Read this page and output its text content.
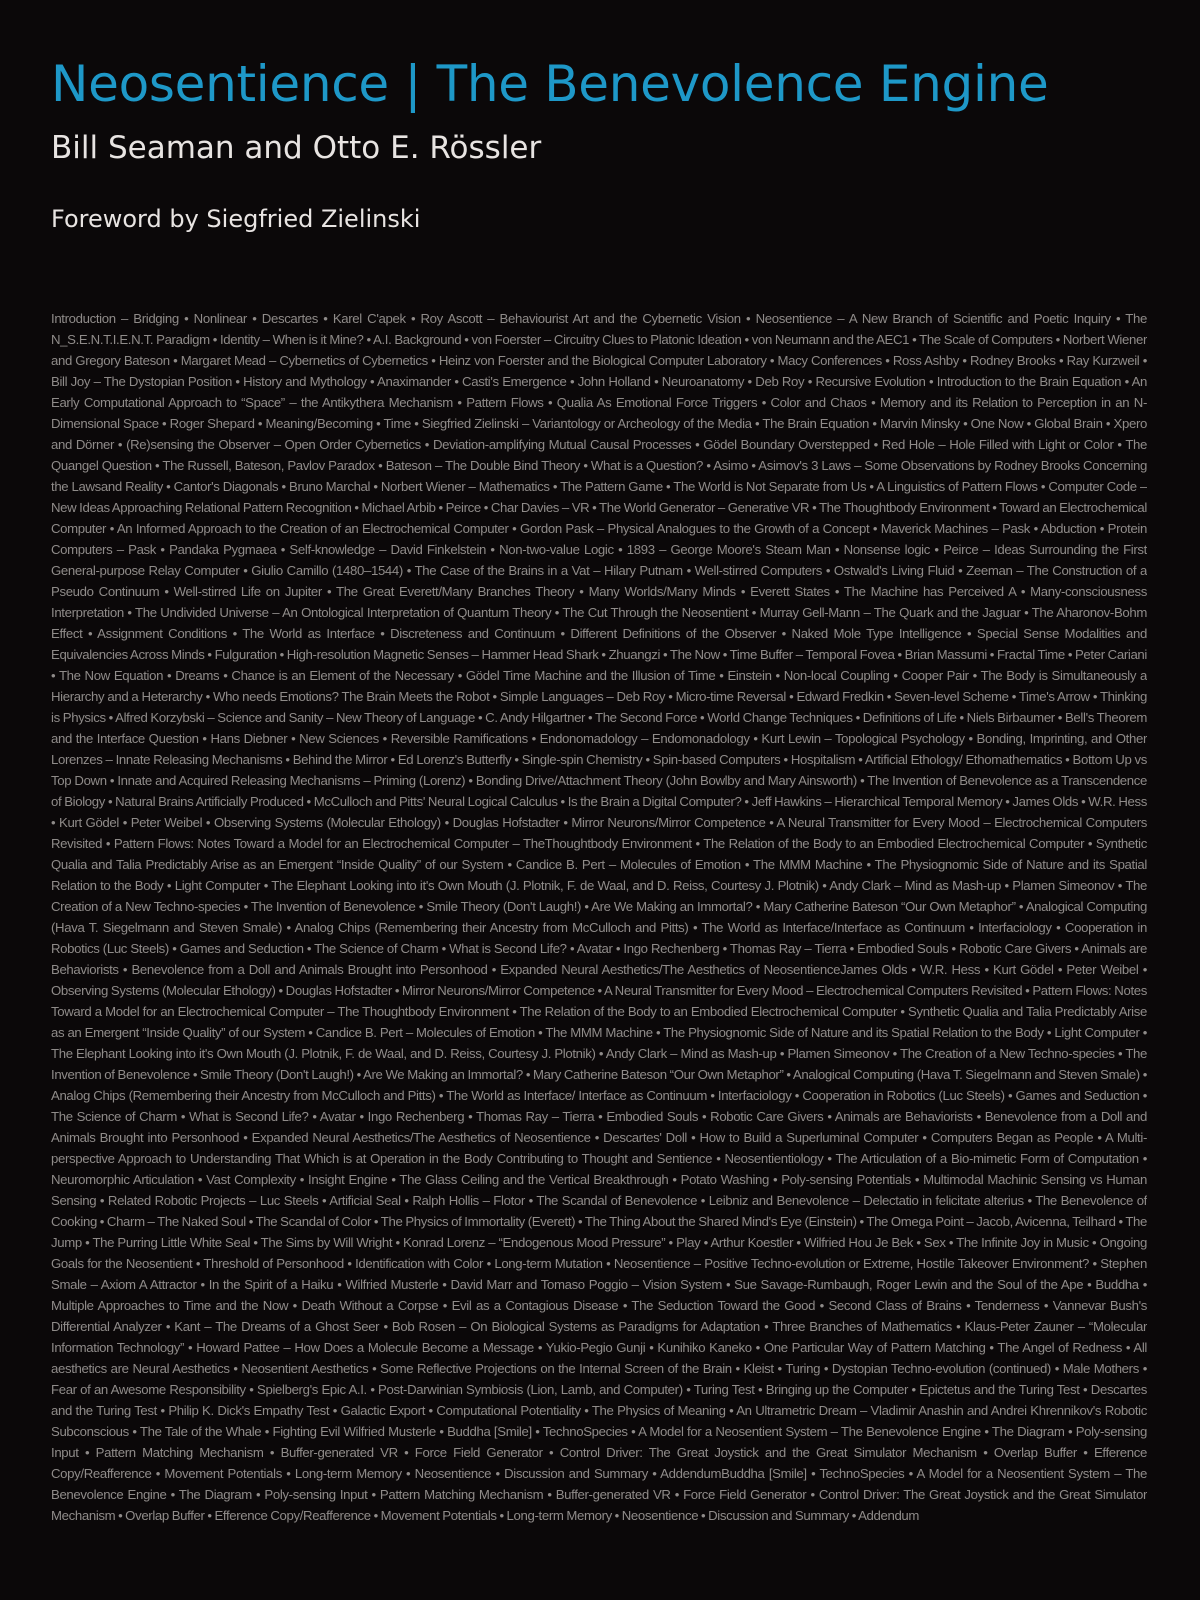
Neosentience | The Benevolence Engine
Bill Seaman and Otto E. Rössler
Foreword by Siegfried Zielinski

Introduction – Bridging • Nonlinear • Descartes • Karel C'apek • Roy Ascott – Behaviourist Art and the Cybernetic Vision • Neosentience – A New Branch of Scientific and Poetic Inquiry • The N_S.E.N.T.I.E.N.T. Paradigm • Identity – When is it Mine? • A.I. Background • von Foerster – Circuitry Clues to Platonic Ideation • von Neumann and the AEC1 • The Scale of Computers • Norbert Wiener and Gregory Bateson • Margaret Mead – Cybernetics of Cybernetics • Heinz von Foerster and the Biological Computer Laboratory • Macy Conferences • Ross Ashby • Rodney Brooks • Ray Kurzweil • Bill Joy – The Dystopian Position • History and Mythology • Anaximander • Casti's Emergence • John Holland • Neuroanatomy • Deb Roy • Recursive Evolution • Introduction to the Brain Equation • An Early Computational Approach to “Space” – the Antikythera Mechanism • Pattern Flows • Qualia As Emotional Force Triggers • Color and Chaos • Memory and its Relation to Perception in an N-Dimensional Space • Roger Shepard • Meaning/Becoming • Time • Siegfried Zielinski – Variantology or Archeology of the Media • The Brain Equation • Marvin Minsky • One Now • Global Brain • Xpero and Dörner • (Re)sensing the Observer – Open Order Cybernetics • Deviation-amplifying Mutual Causal Processes • Gödel Boundary Overstepped • Red Hole – Hole Filled with Light or Color • The Quangel Question • The Russell, Bateson, Pavlov Paradox • Bateson – The Double Bind Theory • What is a Question? • Asimo • Asimov's 3 Laws – Some Observations by Rodney Brooks Concerning the Lawsand Reality • Cantor's Diagonals • Bruno Marchal • Norbert Wiener – Mathematics • The Pattern Game • The World is Not Separate from Us • A Linguistics of Pattern Flows • Computer Code – New Ideas Approaching Relational Pattern Recognition • Michael Arbib • Peirce • Char Davies – VR • The World Generator – Generative VR • The Thoughtbody Environment • Toward an Electrochemical Computer • An Informed Approach to the Creation of an Electrochemical Computer • Gordon Pask – Physical Analogues to the Growth of a Concept • Maverick Machines – Pask • Abduction • Protein Computers – Pask • Pandaka Pygmaea • Self-knowledge – David Finkelstein • Non-two-value Logic • 1893 – George Moore's Steam Man • Nonsense logic • Peirce – Ideas Surrounding the First General-purpose Relay Computer • Giulio Camillo (1480–1544) • The Case of the Brains in a Vat – Hilary Putnam • Well-stirred Computers • Ostwald's Living Fluid • Zeeman – The Construction of a Pseudo Continuum • Well-stirred Life on Jupiter • The Great Everett/Many Branches Theory • Many Worlds/Many Minds • Everett States • The Machine has Perceived A • Many-consciousness Interpretation • The Undivided Universe – An Ontological Interpretation of Quantum Theory • The Cut Through the Neosentient • Murray Gell-Mann – The Quark and the Jaguar • The Aharonov-Bohm Effect • Assignment Conditions • The World as Interface • Discreteness and Continuum • Different Definitions of the Observer • Naked Mole Type Intelligence • Special Sense Modalities and Equivalencies Across Minds • Fulguration • High-resolution Magnetic Senses – Hammer Head Shark • Zhuangzi • The Now • Time Buffer – Temporal Fovea • Brian Massumi • Fractal Time • Peter Cariani • The Now Equation • Dreams • Chance is an Element of the Necessary • Gödel Time Machine and the Illusion of Time • Einstein • Non-local Coupling • Cooper Pair • The Body is Simultaneously a Hierarchy and a Heterarchy • Who needs Emotions? The Brain Meets the Robot • Simple Languages – Deb Roy • Micro-time Reversal • Edward Fredkin • Seven-level Scheme • Time's Arrow • Thinking is Physics • Alfred Korzybski – Science and Sanity – New Theory of Language • C. Andy Hilgartner • The Second Force • World Change Techniques • Definitions of Life • Niels Birbaumer • Bell's Theorem and the Interface Question • Hans Diebner • New Sciences • Reversible Ramifications • Endonomadology – Endomonadology • Kurt Lewin – Topological Psychology • Bonding, Imprinting, and Other Lorenzes – Innate Releasing Mechanisms • Behind the Mirror • Ed Lorenz's Butterfly • Single-spin Chemistry • Spin-based Computers • Hospitalism • Artificial Ethology/ Ethomathematics • Bottom Up vs Top Down • Innate and Acquired Releasing Mechanisms – Priming (Lorenz) • Bonding Drive/Attachment Theory (John Bowlby and Mary Ainsworth) • The Invention of Benevolence as a Transcendence of Biology • Natural Brains Artificially Produced • McCulloch and Pitts' Neural Logical Calculus • Is the Brain a Digital Computer? • Jeff Hawkins – Hierarchical Temporal Memory • James Olds • W.R. Hess • Kurt Gödel • Peter Weibel • Observing Systems (Molecular Ethology) • Douglas Hofstadter • Mirror Neurons/Mirror Competence • A Neural Transmitter for Every Mood – Electrochemical Computers Revisited • Pattern Flows: Notes Toward a Model for an Electrochemical Computer – TheThoughtbody Environment • The Relation of the Body to an Embodied Electrochemical Computer • Synthetic Qualia and Talia Predictably Arise as an Emergent “Inside Quality” of our System • Candice B. Pert – Molecules of Emotion • The MMM Machine • The Physiognomic Side of Nature and its Spatial Relation to the Body • Light Computer • The Elephant Looking into it's Own Mouth (J. Plotnik, F. de Waal, and D. Reiss, Courtesy J. Plotnik) • Andy Clark – Mind as Mash-up • Plamen Simeonov • The Creation of a New Techno-species • The Invention of Benevolence • Smile Theory (Don't Laugh!) • Are We Making an Immortal? • Mary Catherine Bateson “Our Own Metaphor” • Analogical Computing (Hava T. Siegelmann and Steven Smale) • Analog Chips (Remembering their Ancestry from McCulloch and Pitts) • The World as Interface/Interface as Continuum • Interfaciology • Cooperation in Robotics (Luc Steels) • Games and Seduction • The Science of Charm • What is Second Life? • Avatar • Ingo Rechenberg • Thomas Ray – Tierra • Embodied Souls • Robotic Care Givers • Animals are Behaviorists • Benevolence from a Doll and Animals Brought into Personhood • Expanded Neural Aesthetics/The Aesthetics of NeosentienceJames Olds • W.R. Hess • Kurt Gödel • Peter Weibel • Observing Systems (Molecular Ethology) • Douglas Hofstadter • Mirror Neurons/Mirror Competence • A Neural Transmitter for Every Mood – Electrochemical Computers Revisited • Pattern Flows: Notes Toward a Model for an Electrochemical Computer – The Thoughtbody Environment • The Relation of the Body to an Embodied Electrochemical Computer • Synthetic Qualia and Talia Predictably Arise as an Emergent “Inside Quality” of our System • Candice B. Pert – Molecules of Emotion • The MMM Machine • The Physiognomic Side of Nature and its Spatial Relation to the Body • Light Computer • The Elephant Looking into it's Own Mouth (J. Plotnik, F. de Waal, and D. Reiss, Courtesy J. Plotnik) • Andy Clark – Mind as Mash-up • Plamen Simeonov • The Creation of a New Techno-species • The Invention of Benevolence • Smile Theory (Don't Laugh!) • Are We Making an Immortal? • Mary Catherine Bateson “Our Own Metaphor” • Analogical Computing (Hava T. Siegelmann and Steven Smale) • Analog Chips (Remembering their Ancestry from McCulloch and Pitts) • The World as Interface/ Interface as Continuum • Interfaciology • Cooperation in Robotics (Luc Steels) • Games and Seduction • The Science of Charm • What is Second Life? • Avatar • Ingo Rechenberg • Thomas Ray – Tierra • Embodied Souls • Robotic Care Givers • Animals are Behaviorists • Benevolence from a Doll and Animals Brought into Personhood • Expanded Neural Aesthetics/The Aesthetics of Neosentience • Descartes' Doll • How to Build a Superluminal Computer • Computers Began as People • A Multi-perspective Approach to Understanding That Which is at Operation in the Body Contributing to Thought and Sentience • Neosentientiology • The Articulation of a Bio-mimetic Form of Computation • Neuromorphic Articulation • Vast Complexity • Insight Engine • The Glass Ceiling and the Vertical Breakthrough • Potato Washing • Poly-sensing Potentials • Multimodal Machinic Sensing vs Human Sensing • Related Robotic Projects – Luc Steels • Artificial Seal • Ralph Hollis – Flotor • The Scandal of Benevolence • Leibniz and Benevolence – Delectatio in felicitate alterius • The Benevolence of Cooking • Charm – The Naked Soul • The Scandal of Color • The Physics of Immortality (Everett) • The Thing About the Shared Mind's Eye (Einstein) • The Omega Point – Jacob, Avicenna, Teilhard • The Jump • The Purring Little White Seal • The Sims by Will Wright • Konrad Lorenz – “Endogenous Mood Pressure” • Play • Arthur Koestler • Wilfried Hou Je Bek • Sex • The Infinite Joy in Music • Ongoing Goals for the Neosentient • Threshold of Personhood • Identification with Color • Long-term Mutation • Neosentience – Positive Techno-evolution or Extreme, Hostile Takeover Environment? • Stephen Smale – Axiom A Attractor • In the Spirit of a Haiku • Wilfried Musterle • David Marr and Tomaso Poggio – Vision System • Sue Savage-Rumbaugh, Roger Lewin and the Soul of the Ape • Buddha • Multiple Approaches to Time and the Now • Death Without a Corpse • Evil as a Contagious Disease • The Seduction Toward the Good • Second Class of Brains • Tenderness • Vannevar Bush's Differential Analyzer • Kant – The Dreams of a Ghost Seer • Bob Rosen – On Biological Systems as Paradigms for Adaptation • Three Branches of Mathematics • Klaus-Peter Zauner – “Molecular Information Technology” • Howard Pattee – How Does a Molecule Become a Message • Yukio-Pegio Gunji • Kunihiko Kaneko • One Particular Way of Pattern Matching • The Angel of Redness • All aesthetics are Neural Aesthetics • Neosentient Aesthetics • Some Reflective Projections on the Internal Screen of the Brain • Kleist • Turing • Dystopian Techno-evolution (continued) • Male Mothers • Fear of an Awesome Responsibility • Spielberg's Epic A.I. • Post-Darwinian Symbiosis (Lion, Lamb, and Computer) • Turing Test • Bringing up the Computer • Epictetus and the Turing Test • Descartes and the Turing Test • Philip K. Dick's Empathy Test • Galactic Export • Computational Potentiality • The Physics of Meaning • An Ultrametric Dream – Vladimir Anashin and Andrei Khrennikov's Robotic Subconscious • The Tale of the Whale • Fighting Evil Wilfried Musterle • Buddha [Smile] • TechnoSpecies • A Model for a Neosentient System – The Benevolence Engine • The Diagram • Poly-sensing Input • Pattern Matching Mechanism • Buffer-generated VR • Force Field Generator • Control Driver: The Great Joystick and the Great Simulator Mechanism • Overlap Buffer • Efference Copy/Reafference • Movement Potentials • Long-term Memory • Neosentience • Discussion and Summary • AddendumBuddha [Smile] • TechnoSpecies • A Model for a Neosentient System – The Benevolence Engine • The Diagram • Poly-sensing Input • Pattern Matching Mechanism • Buffer-generated VR • Force Field Generator • Control Driver: The Great Joystick and the Great Simulator Mechanism • Overlap Buffer • Efference Copy/Reafference • Movement Potentials • Long-term Memory • Neosentience • Discussion and Summary • Addendum
